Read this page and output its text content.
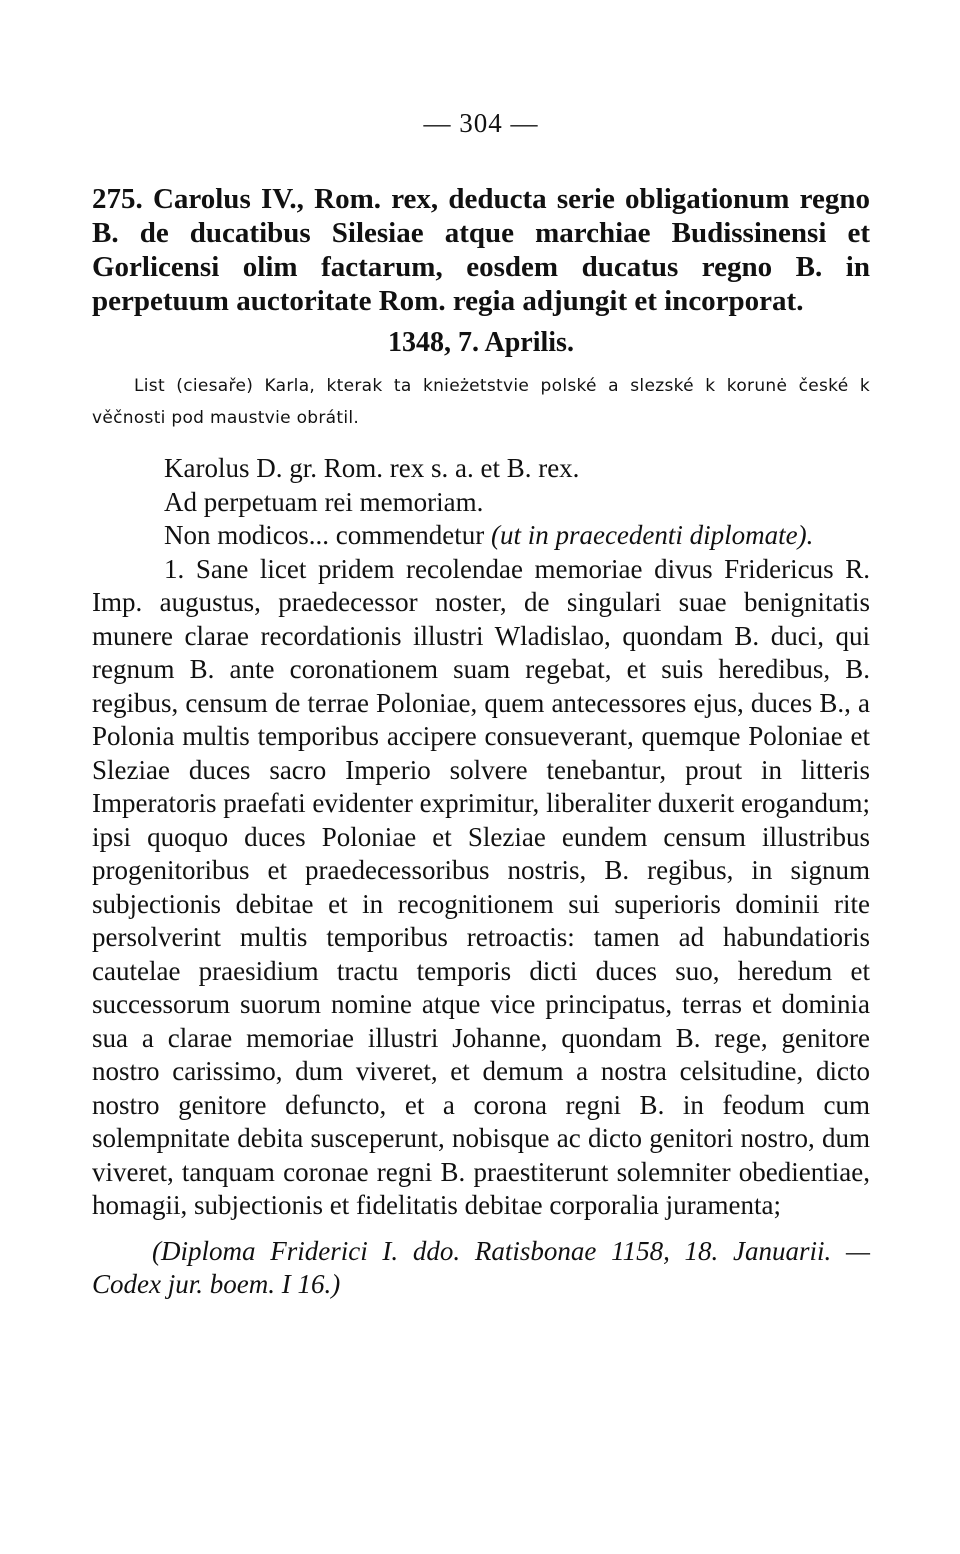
— 304 —

275. Carolus IV., Rom. rex, deducta serie obligationum regno B. de ducatibus Silesiae atque marchiae Budissinensi et Gorlicensi olim factarum, eosdem ducatus regno B. in perpetuum auctoritate Rom. regia adjungit et incorporat.

1348, 7. Aprilis.

List (ciesaře) Karla, kterak ta knieżetstvie polské a slezské k korunė české k věčnosti pod maustvie obrátil.

Karolus D. gr. Rom. rex s. a. et B. rex.

Ad perpetuam rei memoriam.

Non modicos... commendetur (ut in praecedenti diplomate).

1. Sane licet pridem recolendae memoriae divus Fridericus R. Imp. augustus, praedecessor noster, de singulari suae benignitatis munere clarae recordationis illustri Wladislao, quondam B. duci, qui regnum B. ante coronationem suam regebat, et suis heredibus, B. regibus, censum de terrae Poloniae, quem antecessores ejus, duces B., a Polonia multis temporibus accipere consueverant, quemque Poloniae et Sleziae duces sacro Imperio solvere tenebantur, prout in litteris Imperatoris praefati evidenter exprimitur, liberaliter duxerit erogandum; ipsi quoquo duces Poloniae et Sleziae eundem censum illustribus progenitoribus et praedecessoribus nostris, B. regibus, in signum subjectionis debitae et in recognitionem sui superioris dominii rite persolverint multis temporibus retroactis: tamen ad habundatioris cautelae praesidium tractu temporis dicti duces suo, heredum et successorum suorum nomine atque vice principatus, terras et dominia sua a clarae memoriae illustri Johanne, quondam B. rege, genitore nostro carissimo, dum viveret, et demum a nostra celsitudine, dicto nostro genitore defuncto, et a corona regni B. in feodum cum solempnitate debita susceperunt, nobisque ac dicto genitori nostro, dum viveret, tanquam coronae regni B. praestiterunt solemniter obedientiae, homagii, subjectionis et fidelitatis debitae corporalia juramenta;

(Diploma Friderici I. ddo. Ratisbonae 1158, 18. Januarii. — Codex jur. boem. I 16.)
